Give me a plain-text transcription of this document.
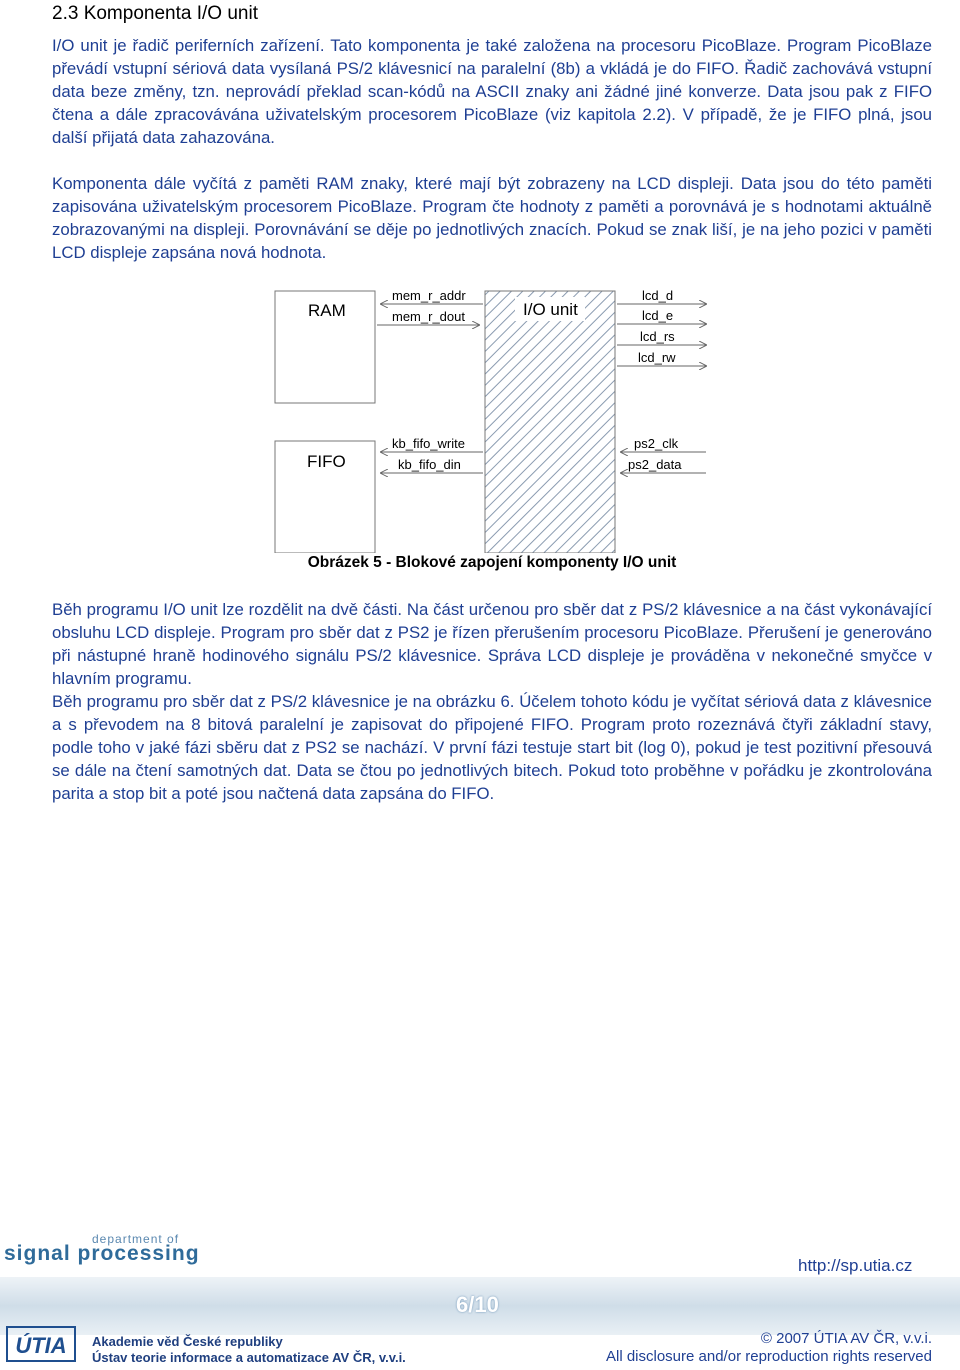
2.3 Komponenta I/O unit

I/O unit je řadič periferních zařízení. Tato komponenta je také založena na procesoru PicoBlaze. Program PicoBlaze převádí vstupní sériová data vysílaná PS/2 klávesnicí na paralelní (8b) a vkládá je do FIFO. Řadič zachovává vstupní data beze změny, tzn. neprovádí překlad scan-kódů na ASCII znaky ani žádné jiné konverze. Data jsou pak z FIFO čtena a dále zpracovávána uživatelským procesorem PicoBlaze (viz kapitola 2.2). V případě, že je FIFO plná, jsou další přijatá data zahazována.

Komponenta dále vyčítá z paměti RAM znaky, které mají být zobrazeny na LCD displeji. Data jsou do této paměti zapisována uživatelským procesorem PicoBlaze. Program čte hodnoty z paměti a porovnává je s hodnotami aktuálně zobrazovanými na displeji. Porovnávání se děje po jednotlivých znacích. Pokud se znak liší, je na jeho pozici v paměti LCD displeje zapsána nová hodnota.

RAM
FIFO
I/O unit
mem_r_addr
mem_r_dout
lcd_d
lcd_e
lcd_rs
lcd_rw
kb_fifo_write
kb_fifo_din
ps2_clk
ps2_data
Obrázek 5 - Blokové zapojení komponenty I/O unit

Běh programu I/O unit lze rozdělit na dvě části. Na část určenou pro sběr dat z PS/2 klávesnice a na část vykonávající obsluhu LCD displeje. Program pro sběr dat z PS2 je řízen přerušením procesoru PicoBlaze. Přerušení je generováno při nástupné hraně hodinového signálu PS/2 klávesnice. Správa LCD displeje je prováděna v nekonečné smyčce v hlavním programu.

Běh programu pro sběr dat z PS/2 klávesnice je na obrázku 6. Účelem tohoto kódu je vyčítat sériová data z klávesnice a s převodem na 8 bitová paralelní je zapisovat do připojené FIFO. Program proto rozeznává čtyři základní stavy, podle toho v jaké fázi sběru dat z PS2 se nachází. V první fázi testuje start bit (log 0), pokud je test pozitivní přesouvá se dále na čtení samotných dat. Data se čtou po jednotlivých bitech. Pokud toto proběhne v pořádku je zkontrolována parita a stop bit a poté jsou načtená data zapsána do FIFO.

department of
signal processing
http://sp.utia.cz
6/10
ÚTIA	Akademie věd České republiky
Ústav teorie informace a automatizace AV ČR, v.v.i.
© 2007 ÚTIA AV ČR, v.v.i.
All disclosure and/or reproduction rights reserved
